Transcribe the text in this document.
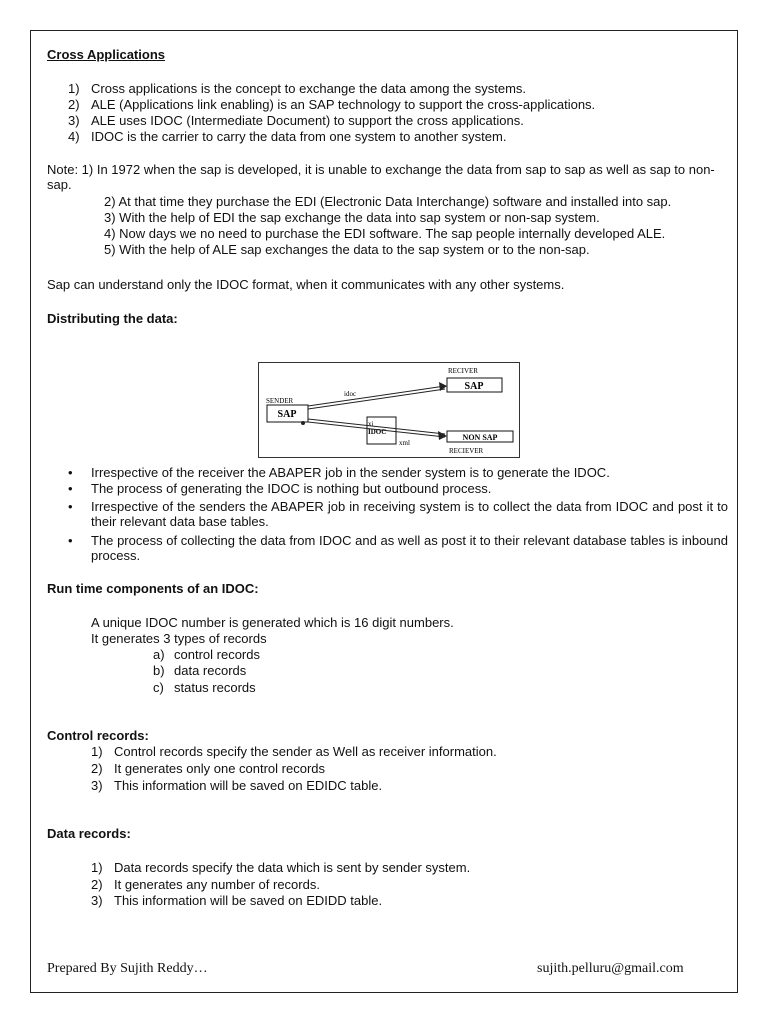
Cross Applications
1) Cross applications is the concept to exchange the data among the systems.
2) ALE (Applications link enabling) is an SAP technology to support the cross-applications.
3) ALE uses IDOC (Intermediate Document) to support the cross applications.
4) IDOC is the carrier to carry the data from one system to another system.
Note: 1) In 1972 when the sap is developed, it is unable to exchange the data from sap to sap as well as sap to non-sap.
2) At that time they purchase the EDI (Electronic Data Interchange) software and installed into sap.
3) With the help of EDI the sap exchange the data into sap system or non-sap system.
4) Now days we no need to purchase the EDI software. The sap people internally developed ALE.
5) With the help of ALE sap exchanges the data to the sap system or to the non-sap.
Sap can understand only the IDOC format, when it communicates with any other systems.
Distributing the data:
RECIVER
SAP
SENDER
SAP
idoc
xi
IDOC
xml
NON SAP
RECIEVER
• Irrespective of the receiver the ABAPER job in the sender system is to generate the IDOC.
• The process of generating the IDOC is nothing but outbound process.
• Irrespective of the senders the ABAPER job in receiving system is to collect the data from IDOC and post it to their relevant data base tables.
• The process of collecting the data from IDOC and as well as post it to their relevant database tables is inbound process.
Run time components of an IDOC:
A unique IDOC number is generated which is 16 digit numbers.
It generates 3 types of records
a) control records
b) data records
c) status records
Control records:
1) Control records specify the sender as Well as receiver information.
2) It generates only one control records
3) This information will be saved on EDIDC table.
Data records:
1) Data records specify the data which is sent by sender system.
2) It generates any number of records.
3) This information will be saved on EDIDD table.
Prepared By Sujith Reddy…	sujith.pelluru@gmail.com
